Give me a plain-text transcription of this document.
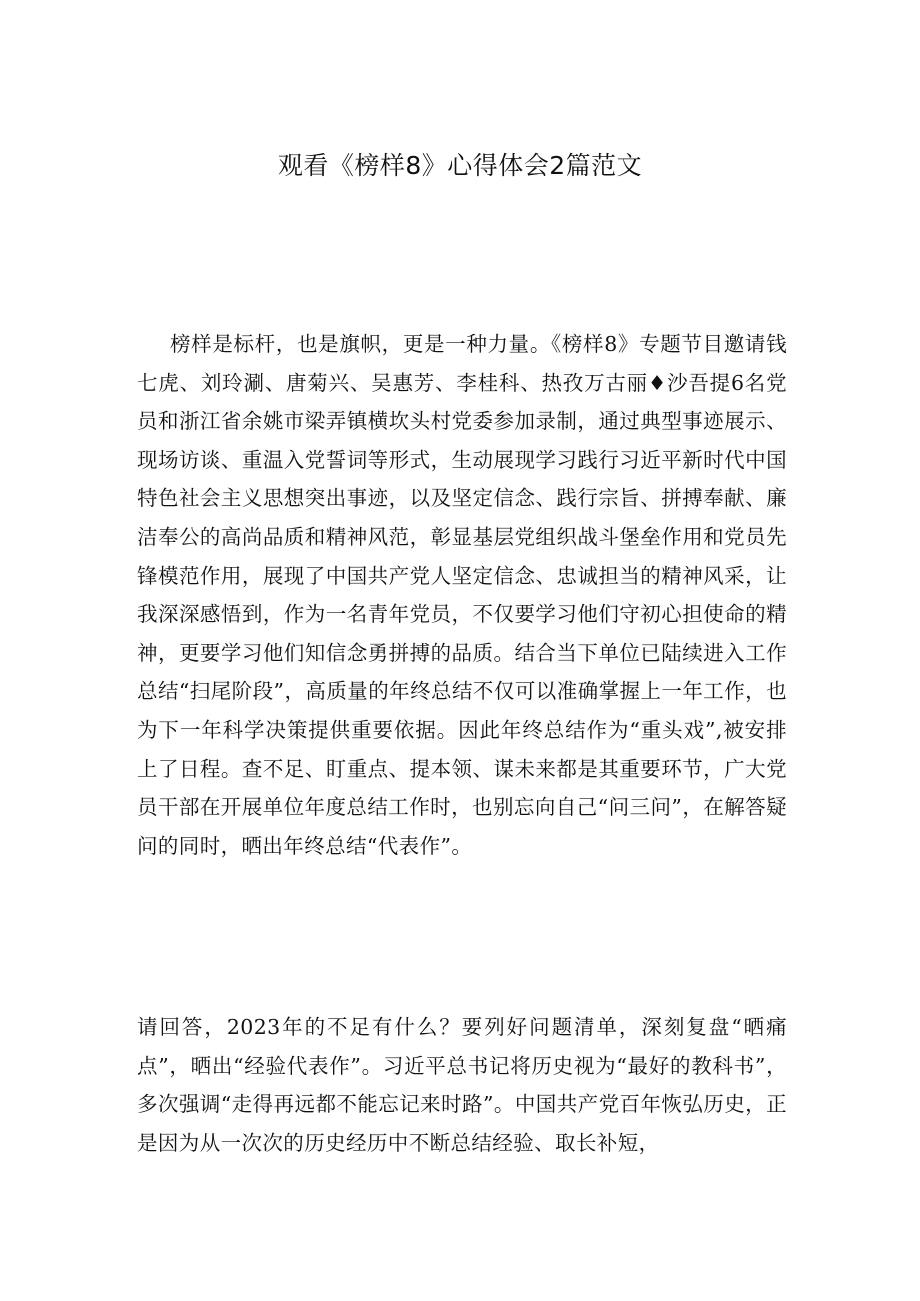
观看《榜样8》心得体会2篇范文

榜样是标杆，也是旗帜，更是一种力量。《榜样8》专题节目邀请钱七虎、刘玲涮、唐菊兴、吴惠芳、李桂科、热孜万古丽♦沙吾提6名党员和浙江省余姚市梁弄镇横坎头村党委参加录制，通过典型事迹展示、现场访谈、重温入党誓词等形式，生动展现学习践行习近平新时代中国特色社会主义思想突出事迹，以及坚定信念、践行宗旨、拼搏奉献、廉洁奉公的高尚品质和精神风范，彰显基层党组织战斗堡垒作用和党员先锋模范作用，展现了中国共产党人坚定信念、忠诚担当的精神风采，让我深深感悟到，作为一名青年党员，不仅要学习他们守初心担使命的精神，更要学习他们知信念勇拼搏的品质。结合当下单位已陆续进入工作总结“扫尾阶段”，高质量的年终总结不仅可以准确掌握上一年工作，也为下一年科学决策提供重要依据。因此年终总结作为“重头戏”,被安排上了日程。查不足、盯重点、提本领、谋未来都是其重要环节，广大党员干部在开展单位年度总结工作时，也别忘向自己“问三问”，在解答疑问的同时，晒出年终总结“代表作”。

请回答，2023年的不足有什么？要列好问题清单，深刻复盘“晒痛点”，晒出“经验代表作”。习近平总书记将历史视为“最好的教科书”，多次强调“走得再远都不能忘记来时路”。中国共产党百年恢弘历史，正是因为从一次次的历史经历中不断总结经验、取长补短，
